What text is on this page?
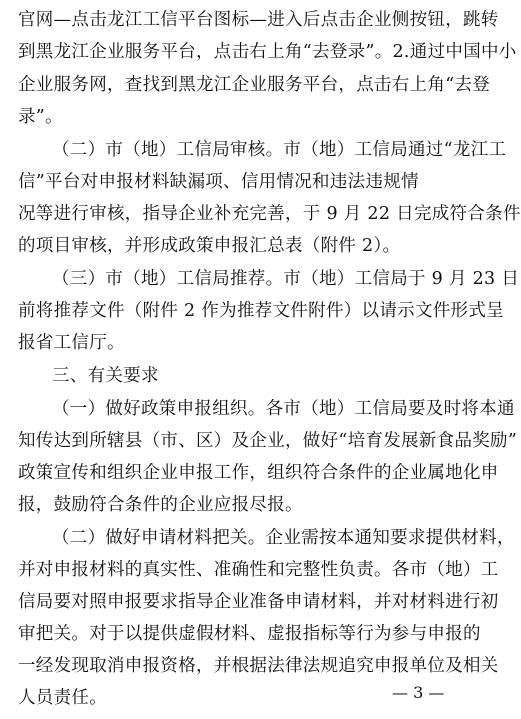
官网—点击龙江工信平台图标—进入后点击企业侧按钮，跳转
到黑龙江企业服务平台，点击右上角“去登录”。2.通过中国中小
企业服务网，查找到黑龙江企业服务平台，点击右上角“去登
录”。
（二）市（地）工信局审核。市（地）工信局通过“龙江工
信”平台对申报材料缺漏项、信用情况和违法违规情
况等进行审核，指导企业补充完善，于 9 月 22 日完成符合条件
的项目审核，并形成政策申报汇总表（附件 2）。
（三）市（地）工信局推荐。市（地）工信局于 9 月 23 日
前将推荐文件（附件 2 作为推荐文件附件）以请示文件形式呈
报省工信厅。
三、有关要求
（一）做好政策申报组织。各市（地）工信局要及时将本通
知传达到所辖县（市、区）及企业，做好“培育发展新食品奖励”
政策宣传和组织企业申报工作，组织符合条件的企业属地化申
报，鼓励符合条件的企业应报尽报。
（二）做好申请材料把关。企业需按本通知要求提供材料，
并对申报材料的真实性、准确性和完整性负责。各市（地）工
信局要对照申报要求指导企业准备申请材料，并对材料进行初
审把关。对于以提供虚假材料、虚报指标等行为参与申报的
一经发现取消申报资格，并根据法律法规追究申报单位及相关
人员责任。	— 3 —
